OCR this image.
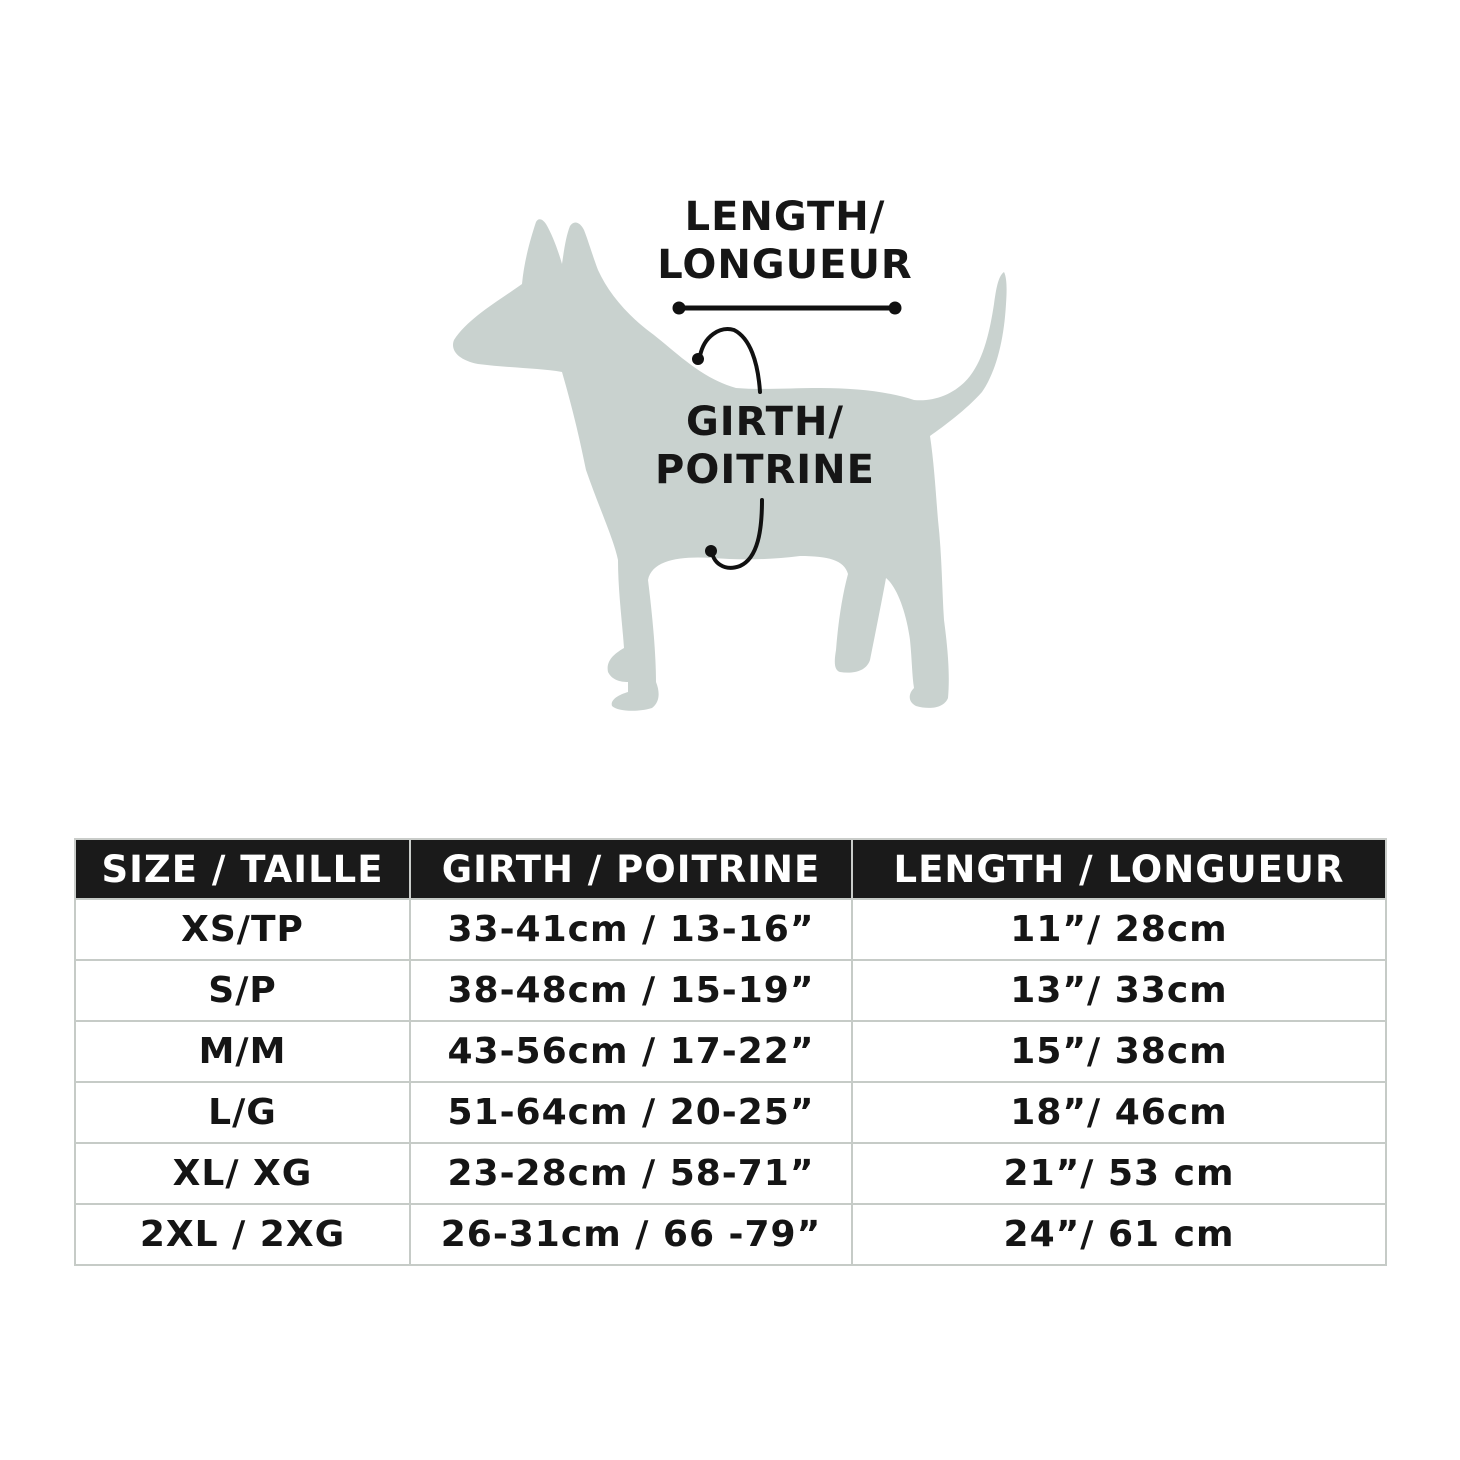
LENGTH/
LONGUEUR
GIRTH/
POITRINE
SIZE / TAILLE	GIRTH / POITRINE	LENGTH / LONGUEUR
XS/TP	33-41cm / 13-16”	11”/ 28cm
S/P	38-48cm / 15-19”	13”/ 33cm
M/M	43-56cm / 17-22”	15”/ 38cm
L/G	51-64cm / 20-25”	18”/ 46cm
XL/ XG	23-28cm / 58-71”	21”/ 53 cm
2XL / 2XG	26-31cm / 66 -79”	24”/ 61 cm
